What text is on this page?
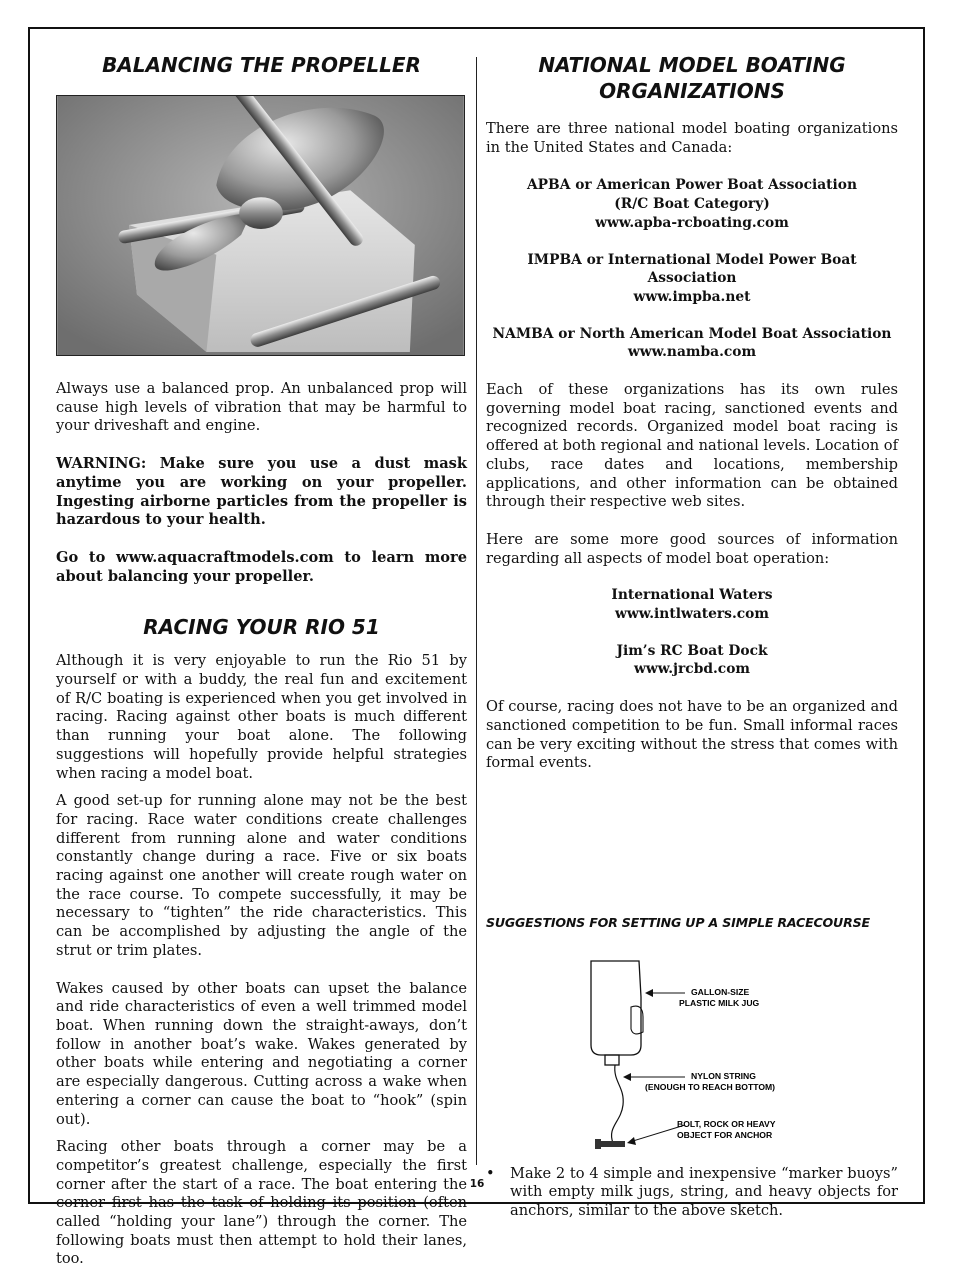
BALANCING THE PROPELLER

Always use a balanced prop. An unbalanced prop will cause high levels of vibration that may be harmful to your driveshaft and engine.

WARNING: Make sure you use a dust mask anytime you are working on your propeller. Ingesting airborne particles from the propeller is hazardous to your health.

Go to www.aquacraftmodels.com to learn more about balancing your propeller.

RACING YOUR RIO 51

Although it is very enjoyable to run the Rio 51 by yourself or with a buddy, the real fun and excitement of R/C boating is experienced when you get involved in racing. Racing against other boats is much different than running your boat alone. The following suggestions will hopefully provide helpful strategies when racing a model boat.

A good set-up for running alone may not be the best for racing. Race water conditions create challenges different from running alone and water conditions constantly change during a race. Five or six boats racing against one another will create rough water on the race course. To compete successfully, it may be necessary to “tighten” the ride characteristics. This can be accomplished by adjusting the angle of the strut or trim plates.

Wakes caused by other boats can upset the balance and ride characteristics of even a well trimmed model boat. When running down the straight-aways, don’t follow in another boat’s wake. Wakes generated by other boats while entering and negotiating a corner are especially dangerous. Cutting across a wake when entering a corner can cause the boat to “hook” (spin out).

Racing other boats through a corner may be a competitor’s greatest challenge, especially the first corner after the start of a race. The boat entering the corner first has the task of holding its position (often called “holding your lane”) through the corner. The following boats must then attempt to hold their lanes, too.

NATIONAL MODEL BOATING
ORGANIZATIONS

There are three national model boating organizations in the United States and Canada:

APBA or American Power Boat Association
(R/C Boat Category)
www.apba-rcboating.com
IMPBA or International Model Power Boat Association
www.impba.net
NAMBA or North American Model Boat Association
www.namba.com

Each of these organizations has its own rules governing model boat racing, sanctioned events and recognized records. Organized model boat racing is offered at both regional and national levels. Location of clubs, race dates and locations, membership applications, and other information can be obtained through their respective web sites.

Here are some more good sources of information regarding all aspects of model boat operation:

International Waters
www.intlwaters.com
Jim’s RC Boat Dock
www.jrcbd.com

Of course, racing does not have to be an organized and sanctioned competition to be fun. Small informal races can be very exciting without the stress that comes with formal events.

SUGGESTIONS FOR SETTING UP A SIMPLE RACECOURSE
GALLON-SIZE
PLASTIC MILK JUG
NYLON STRING
(ENOUGH TO REACH BOTTOM)
BOLT, ROCK OR HEAVY
OBJECT FOR ANCHOR
•	Make 2 to 4 simple and inexpensive “marker buoys” with empty milk jugs, string, and heavy objects for anchors, similar to the above sketch.
16
